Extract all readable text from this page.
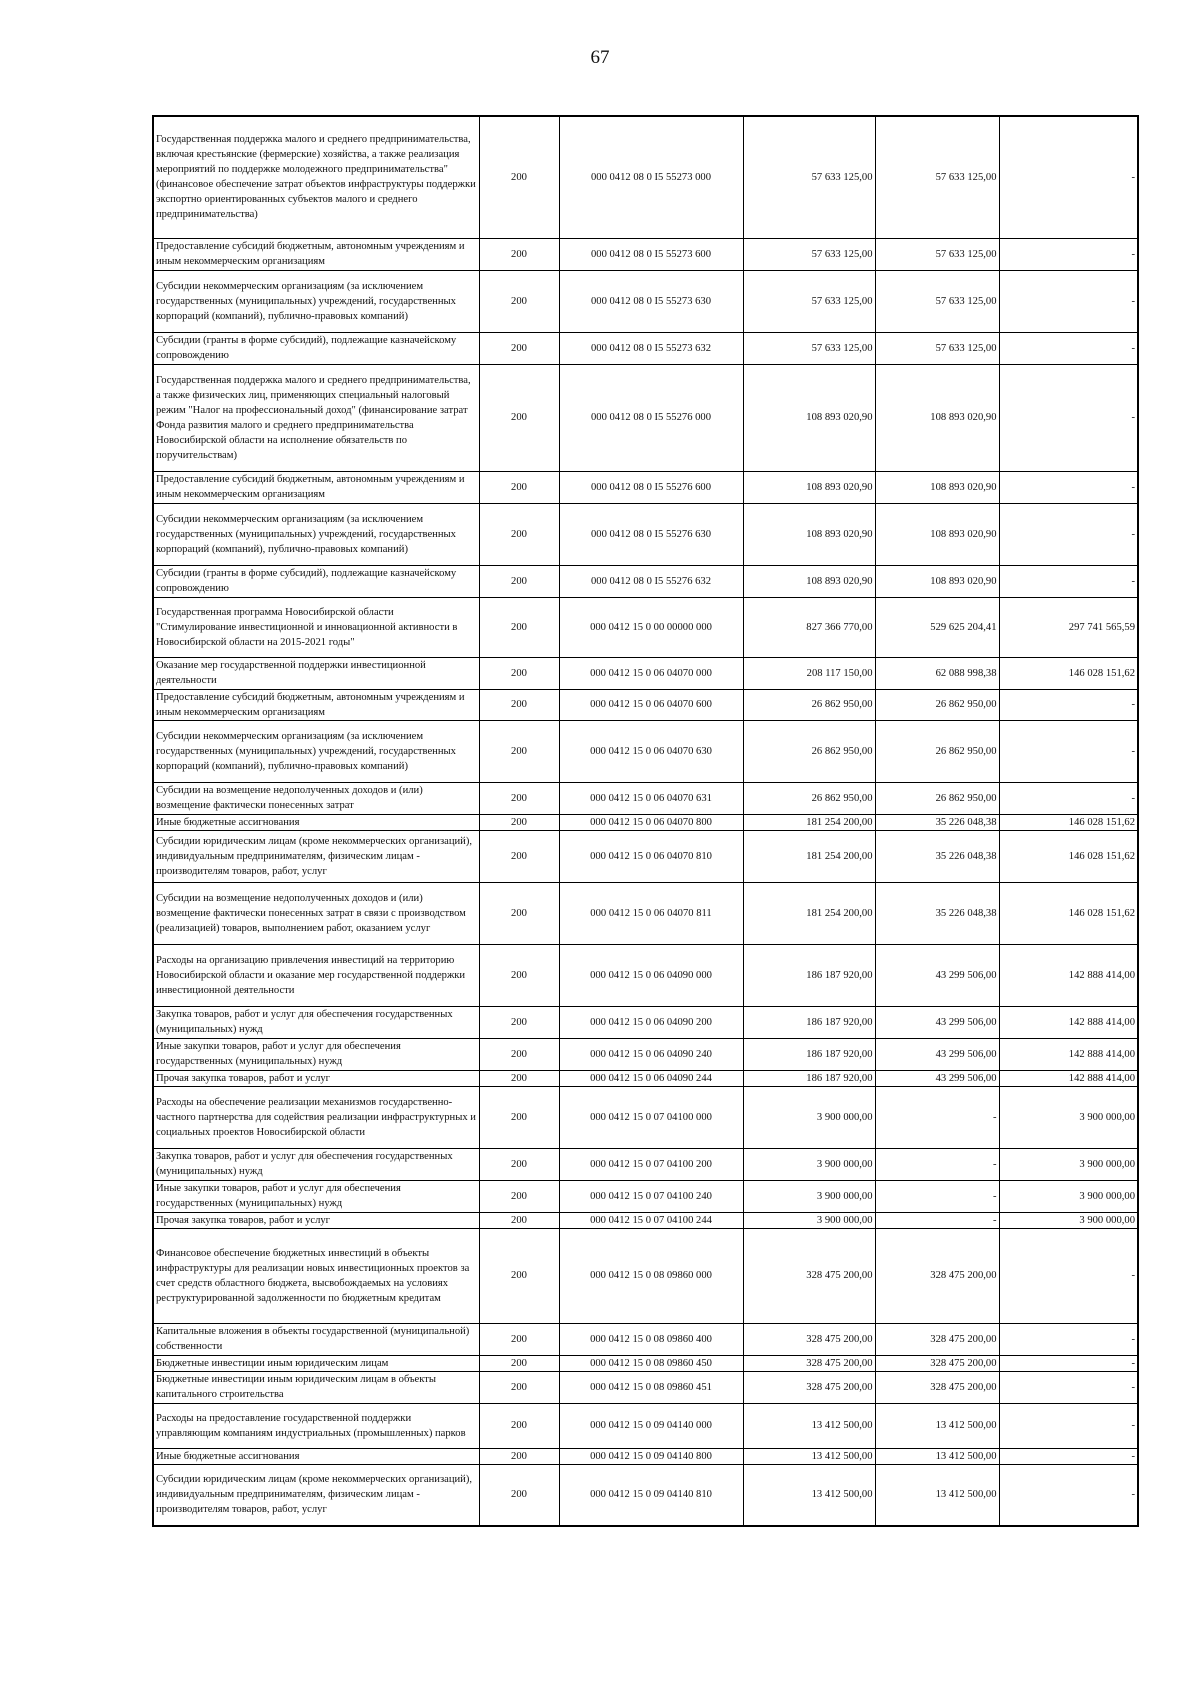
67
Государственная поддержка малого и среднего предпринимательства, включая крестьянские (фермерские) хозяйства, а также реализация мероприятий по поддержке молодежного предпринимательства" (финансовое обеспечение затрат объектов инфраструктуры поддержки экспортно ориентированных субъектов малого и среднего предпринимательства)	200	000 0412 08 0 I5 55273 000	57 633 125,00	57 633 125,00	-
Предоставление субсидий бюджетным, автономным учреждениям и иным некоммерческим организациям	200	000 0412 08 0 I5 55273 600	57 633 125,00	57 633 125,00	-
Субсидии некоммерческим организациям (за исключением государственных (муниципальных) учреждений, государственных корпораций (компаний), публично-правовых компаний)	200	000 0412 08 0 I5 55273 630	57 633 125,00	57 633 125,00	-
Субсидии (гранты в форме субсидий), подлежащие казначейскому сопровождению	200	000 0412 08 0 I5 55273 632	57 633 125,00	57 633 125,00	-
Государственная поддержка малого и среднего предпринимательства, а также физических лиц, применяющих специальный налоговый режим "Налог на профессиональный доход" (финансирование затрат Фонда развития малого и среднего предпринимательства Новосибирской области на исполнение обязательств по поручительствам)	200	000 0412 08 0 I5 55276 000	108 893 020,90	108 893 020,90	-
Предоставление субсидий бюджетным, автономным учреждениям и иным некоммерческим организациям	200	000 0412 08 0 I5 55276 600	108 893 020,90	108 893 020,90	-
Субсидии некоммерческим организациям (за исключением государственных (муниципальных) учреждений, государственных корпораций (компаний), публично-правовых компаний)	200	000 0412 08 0 I5 55276 630	108 893 020,90	108 893 020,90	-
Субсидии (гранты в форме субсидий), подлежащие казначейскому сопровождению	200	000 0412 08 0 I5 55276 632	108 893 020,90	108 893 020,90	-
Государственная программа Новосибирской области "Стимулирование инвестиционной и инновационной активности в Новосибирской области на 2015-2021 годы"	200	000 0412 15 0 00 00000 000	827 366 770,00	529 625 204,41	297 741 565,59
Оказание мер государственной поддержки инвестиционной деятельности	200	000 0412 15 0 06 04070 000	208 117 150,00	62 088 998,38	146 028 151,62
Предоставление субсидий бюджетным, автономным учреждениям и иным некоммерческим организациям	200	000 0412 15 0 06 04070 600	26 862 950,00	26 862 950,00	-
Субсидии некоммерческим организациям (за исключением государственных (муниципальных) учреждений, государственных корпораций (компаний), публично-правовых компаний)	200	000 0412 15 0 06 04070 630	26 862 950,00	26 862 950,00	-
Субсидии на возмещение недополученных доходов и (или) возмещение фактически понесенных затрат	200	000 0412 15 0 06 04070 631	26 862 950,00	26 862 950,00	-
Иные бюджетные ассигнования	200	000 0412 15 0 06 04070 800	181 254 200,00	35 226 048,38	146 028 151,62
Субсидии юридическим лицам (кроме некоммерческих организаций), индивидуальным предпринимателям, физическим лицам - производителям товаров, работ, услуг	200	000 0412 15 0 06 04070 810	181 254 200,00	35 226 048,38	146 028 151,62
Субсидии на возмещение недополученных доходов и (или) возмещение фактически понесенных затрат в связи с производством (реализацией) товаров, выполнением работ, оказанием услуг	200	000 0412 15 0 06 04070 811	181 254 200,00	35 226 048,38	146 028 151,62
Расходы на организацию привлечения инвестиций на территорию Новосибирской области и оказание мер государственной поддержки инвестиционной деятельности	200	000 0412 15 0 06 04090 000	186 187 920,00	43 299 506,00	142 888 414,00
Закупка товаров, работ и услуг для обеспечения государственных (муниципальных) нужд	200	000 0412 15 0 06 04090 200	186 187 920,00	43 299 506,00	142 888 414,00
Иные закупки товаров, работ и услуг для обеспечения государственных (муниципальных) нужд	200	000 0412 15 0 06 04090 240	186 187 920,00	43 299 506,00	142 888 414,00
Прочая закупка товаров, работ и услуг	200	000 0412 15 0 06 04090 244	186 187 920,00	43 299 506,00	142 888 414,00
Расходы на обеспечение реализации механизмов государственно-частного партнерства для содействия реализации инфраструктурных и социальных проектов Новосибирской области	200	000 0412 15 0 07 04100 000	3 900 000,00	-	3 900 000,00
Закупка товаров, работ и услуг для обеспечения государственных (муниципальных) нужд	200	000 0412 15 0 07 04100 200	3 900 000,00	-	3 900 000,00
Иные закупки товаров, работ и услуг для обеспечения государственных (муниципальных) нужд	200	000 0412 15 0 07 04100 240	3 900 000,00	-	3 900 000,00
Прочая закупка товаров, работ и услуг	200	000 0412 15 0 07 04100 244	3 900 000,00	-	3 900 000,00
Финансовое обеспечение бюджетных инвестиций в объекты инфраструктуры для реализации новых инвестиционных проектов за счет средств областного бюджета, высвобождаемых на условиях реструктурированной задолженности по бюджетным кредитам	200	000 0412 15 0 08 09860 000	328 475 200,00	328 475 200,00	-
Капитальные вложения в объекты государственной (муниципальной) собственности	200	000 0412 15 0 08 09860 400	328 475 200,00	328 475 200,00	-
Бюджетные инвестиции иным юридическим лицам	200	000 0412 15 0 08 09860 450	328 475 200,00	328 475 200,00	-
Бюджетные инвестиции иным юридическим лицам в объекты капитального строительства	200	000 0412 15 0 08 09860 451	328 475 200,00	328 475 200,00	-
Расходы на предоставление государственной поддержки управляющим компаниям индустриальных (промышленных) парков	200	000 0412 15 0 09 04140 000	13 412 500,00	13 412 500,00	-
Иные бюджетные ассигнования	200	000 0412 15 0 09 04140 800	13 412 500,00	13 412 500,00	-
Субсидии юридическим лицам (кроме некоммерческих организаций), индивидуальным предпринимателям, физическим лицам - производителям товаров, работ, услуг	200	000 0412 15 0 09 04140 810	13 412 500,00	13 412 500,00	-
